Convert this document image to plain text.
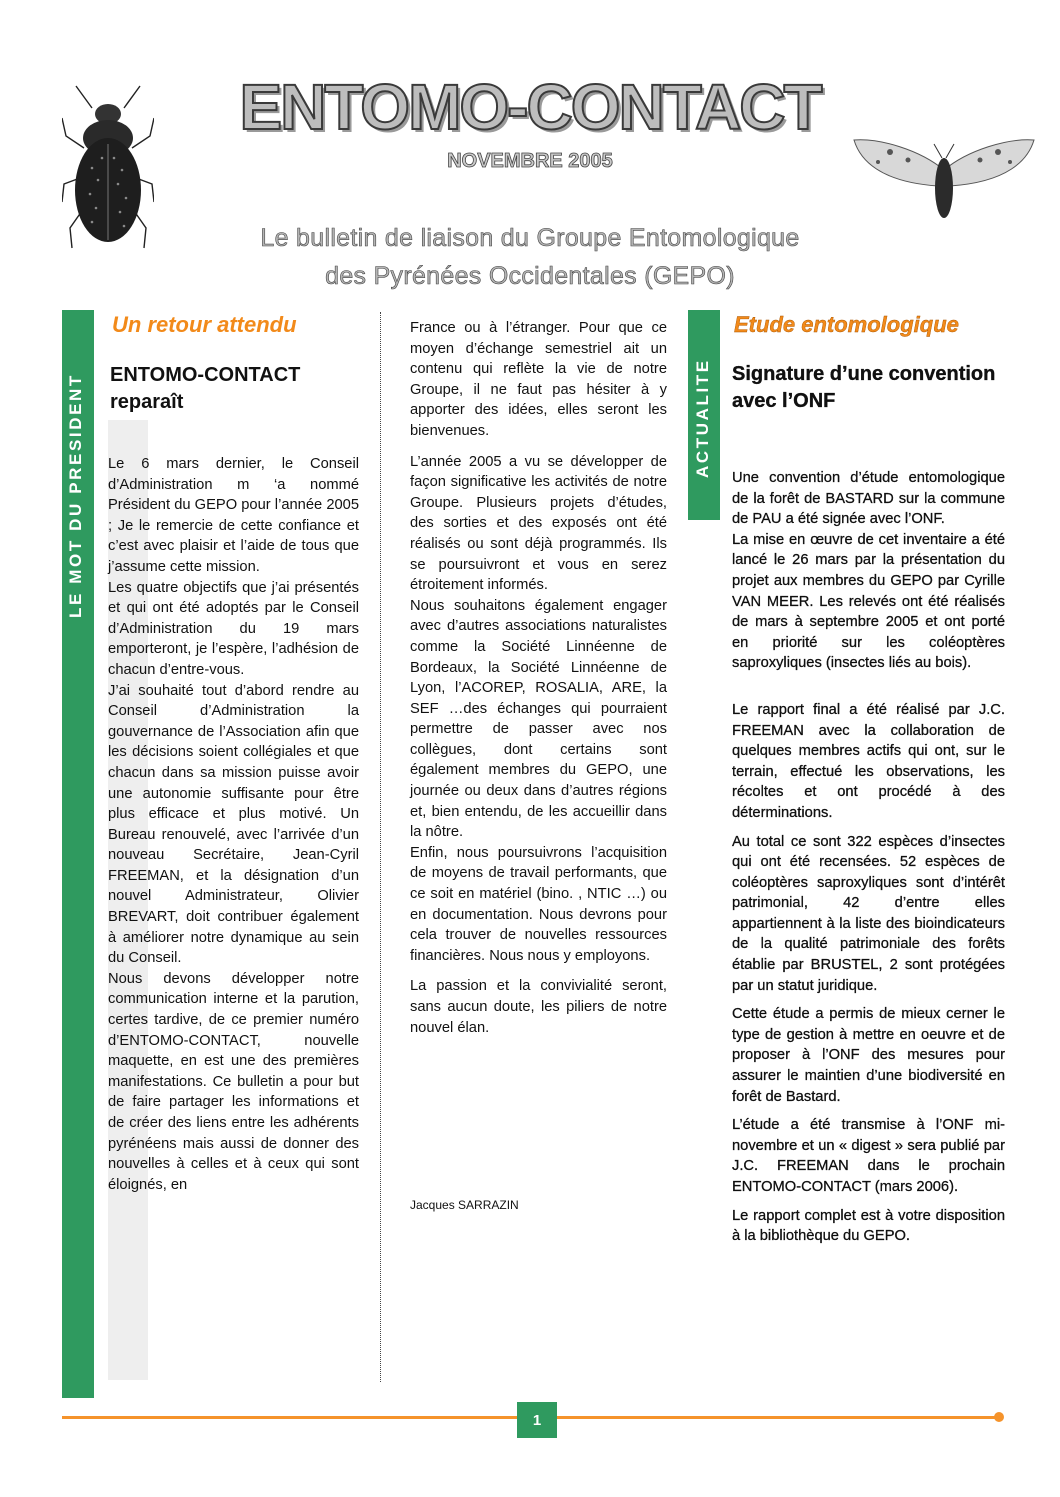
ENTOMO-CONTACT
NOVEMBRE 2005
Le bulletin de liaison du Groupe Entomologique
des Pyrénées Occidentales (GEPO)
LE MOT DU PRESIDENT
Un retour attendu
ENTOMO-CONTACT reparaît

Le 6 mars dernier, le Conseil d’Administration m ‘a nommé Président du GEPO pour l’année 2005 ; Je le remercie de cette confiance et c’est avec plaisir et l’aide de tous que j’assume cette mission.

Les quatre objectifs que j’ai présentés et qui ont été adoptés par le Conseil d’Administration du 19 mars emporteront, je l’espère, l’adhésion de chacun d’entre-vous.

J’ai souhaité tout d’abord rendre au Conseil d’Administration la gouvernance de l’Association afin que les décisions soient collégiales et que chacun dans sa mission puisse avoir une autonomie suffisante pour être plus efficace et plus motivé. Un Bureau renouvelé, avec l’arrivée d’un nouveau Secrétaire, Jean-Cyril FREEMAN, et la désignation d’un nouvel Administrateur, Olivier BREVART, doit contribuer également à améliorer notre dynamique au sein du Conseil.

Nous devons développer notre communication interne et la parution, certes tardive, de ce premier numéro d’ENTOMO-CONTACT, nouvelle maquette, en est une des premières manifestations. Ce bulletin a pour but de faire partager les informations et de créer des liens entre les adhérents pyrénéens mais aussi de donner des nouvelles à celles et à ceux qui sont éloignés, en

France ou à l’étranger. Pour que ce moyen d’échange semestriel ait un contenu qui reflète la vie de notre Groupe, il ne faut pas hésiter à y apporter des idées, elles seront les bienvenues.

L’année 2005 a vu se développer de façon significative les activités de notre Groupe. Plusieurs projets d’études, des sorties et des exposés ont été réalisés ou sont déjà programmés. Ils se poursuivront et vous en serez étroitement informés.

Nous souhaitons également engager avec d’autres associations naturalistes comme la Société Linnéenne de Bordeaux, la Société Linnéenne de Lyon, l’ACOREP, ROSALIA, ARE, la SEF …des échanges qui pourraient permettre de passer avec nos collègues, dont certains sont également membres du GEPO, une journée ou deux dans d’autres régions et, bien entendu, de les accueillir dans la nôtre.

Enfin, nous poursuivrons l’acquisition de moyens de travail performants, que ce soit en matériel (bino. , NTIC …) ou en documentation. Nous devrons pour cela trouver de nouvelles ressources financières. Nous nous y employons.

La passion et la convivialité seront, sans aucun doute, les piliers de notre nouvel élan.

Jacques SARRAZIN
ACTUALITE
Etude entomologique
Signature d’une convention avec l’ONF

Une convention d’étude entomologique de la forêt de BASTARD sur la commune de PAU a été signée avec l’ONF.

La mise en œuvre de cet inventaire a été lancé le 26 mars par la présentation du projet aux membres du GEPO par Cyrille VAN MEER. Les relevés ont été réalisés de mars à septembre 2005 et ont porté en priorité sur les coléoptères saproxyliques (insectes liés au bois).

Le rapport final a été réalisé par J.C. FREEMAN avec la collaboration de quelques membres actifs qui ont, sur le terrain, effectué les observations, les récoltes et ont procédé à des déterminations.

Au total ce sont 322 espèces d’insectes qui ont été recensées. 52 espèces de coléoptères saproxyliques sont d’intérêt patrimonial, 42 d’entre elles appartiennent à la liste des bioindicateurs de la qualité patrimoniale des forêts établie par BRUSTEL, 2 sont protégées par un statut juridique.

Cette étude a permis de mieux cerner le type de gestion à mettre en oeuvre et de proposer à l’ONF des mesures pour assurer le maintien d’une biodiversité en forêt de Bastard.

L’étude a été transmise à l’ONF mi-novembre et un « digest » sera publié par J.C. FREEMAN dans le prochain ENTOMO-CONTACT (mars 2006).

Le rapport complet est à votre disposition à la bibliothèque du GEPO.

1
